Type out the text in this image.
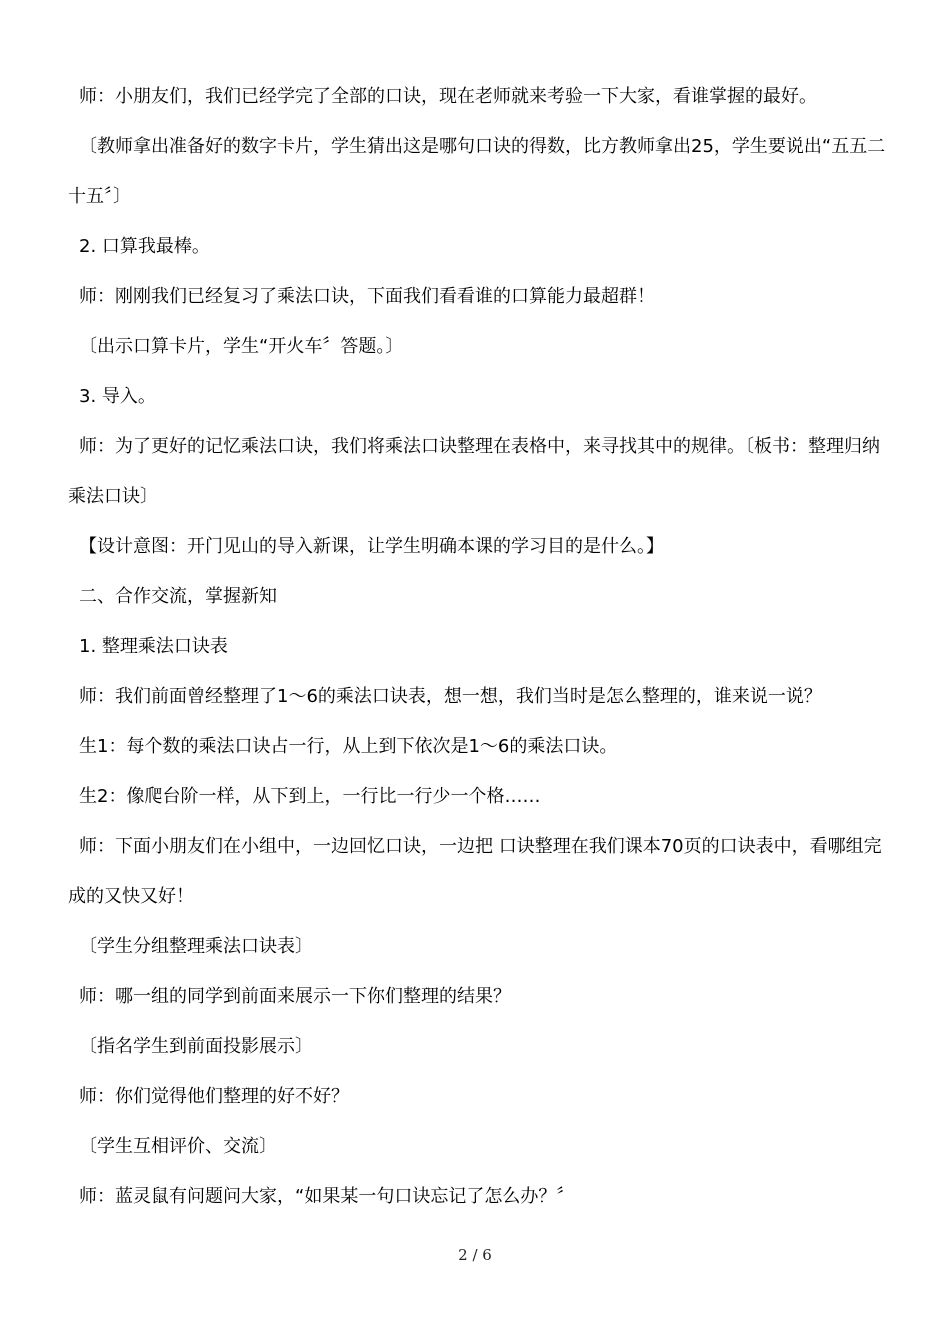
师：小朋友们，我们已经学完了全部的口诀，现在老师就来考验一下大家，看谁掌握的最好。

〔教师拿出准备好的数字卡片，学生猜出这是哪句口诀的得数，比方教师拿出25，学生要说出“五五二十五〞〕

2. 口算我最棒。

师：刚刚我们已经复习了乘法口诀，下面我们看看谁的口算能力最超群！

〔出示口算卡片，学生“开火车〞答题。〕

3. 导入。

师：为了更好的记忆乘法口诀，我们将乘法口诀整理在表格中，来寻找其中的规律。〔板书：整理归纳乘法口诀〕

【设计意图：开门见山的导入新课，让学生明确本课的学习目的是什么。】

二、合作交流，掌握新知

1. 整理乘法口诀表

师：我们前面曾经整理了1～6的乘法口诀表，想一想，我们当时是怎么整理的，谁来说一说？

生1：每个数的乘法口诀占一行，从上到下依次是1～6的乘法口诀。

生2：像爬台阶一样，从下到上，一行比一行少一个格……

师：下面小朋友们在小组中，一边回忆口诀，一边把 口诀整理在我们课本70页的口诀表中，看哪组完成的又快又好！

〔学生分组整理乘法口诀表〕

师：哪一组的同学到前面来展示一下你们整理的结果？

〔指名学生到前面投影展示〕

师：你们觉得他们整理的好不好？

〔学生互相评价、交流〕

师：蓝灵鼠有问题问大家，“如果某一句口诀忘记了怎么办？〞

2 / 6
